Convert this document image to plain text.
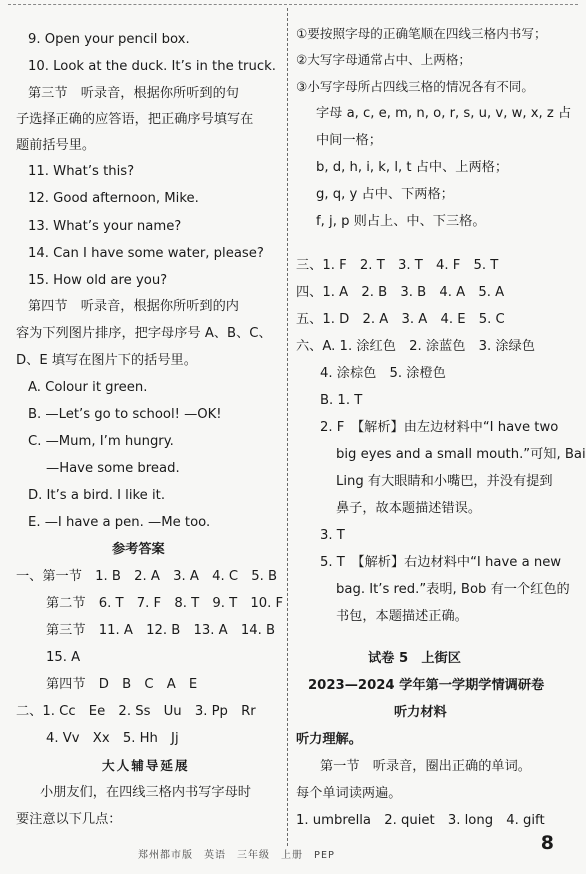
9. Open your pencil box.
10. Look at the duck. It’s in the truck.
第三节　听录音，根据你所听到的句
子选择正确的应答语，把正确序号填写在
题前括号里。
11. What’s this?
12. Good afternoon, Mike.
13. What’s your name?
14. Can I have some water, please?
15. How old are you?
第四节　听录音，根据你所听到的内
容为下列图片排序，把字母序号 A、B、C、
D、E 填写在图片下的括号里。
A. Colour it green.
B. —Let’s go to school! —OK!
C. —Mum, I’m hungry.
—Have some bread.
D. It’s a bird. I like it.
E. —I have a pen. —Me too.
参考答案
一、第一节　1. B　2. A　3. A　4. C　5. B
第二节　6. T　7. F　8. T　9. T　10. F
第三节　11. A　12. B　13. A　14. B
15. A
第四节　D　B　C　A　E
二、1. Cc　Ee　2. Ss　Uu　3. Pp　Rr
4. Vv　Xx　5. Hh　Jj
大人辅导延展
小朋友们，在四线三格内书写字母时
要注意以下几点：
①要按照字母的正确笔顺在四线三格内书写；
②大写字母通常占中、上两格；
③小写字母所占四线三格的情况各有不同。
字母 a, c, e, m, n, o, r, s, u, v, w, x, z 占
中间一格；
b, d, h, i, k, l, t 占中、上两格；
g, q, y 占中、下两格；
f, j, p 则占上、中、下三格。
三、1. F　2. T　3. T　4. F　5. T
四、1. A　2. B　3. B　4. A　5. A
五、1. D　2. A　3. A　4. E　5. C
六、A. 1. 涂红色　2. 涂蓝色　3. 涂绿色
4. 涂棕色　5. 涂橙色
B. 1. T
2. F　【解析】由左边材料中“I have two
big eyes and a small mouth.”可知, Bai
Ling 有大眼睛和小嘴巴，并没有提到
鼻子，故本题描述错误。
3. T
5. T　【解析】右边材料中“I have a new
bag. It’s red.”表明, Bob 有一个红色的
书包，本题描述正确。
试卷 5　上街区
2023—2024 学年第一学期学情调研卷
听力材料
听力理解。
第一节　听录音，圈出正确的单词。
每个单词读两遍。
1. umbrella　2. quiet　3. long　4. gift
郑州都市版　英语　三年级　上册　PEP
8
